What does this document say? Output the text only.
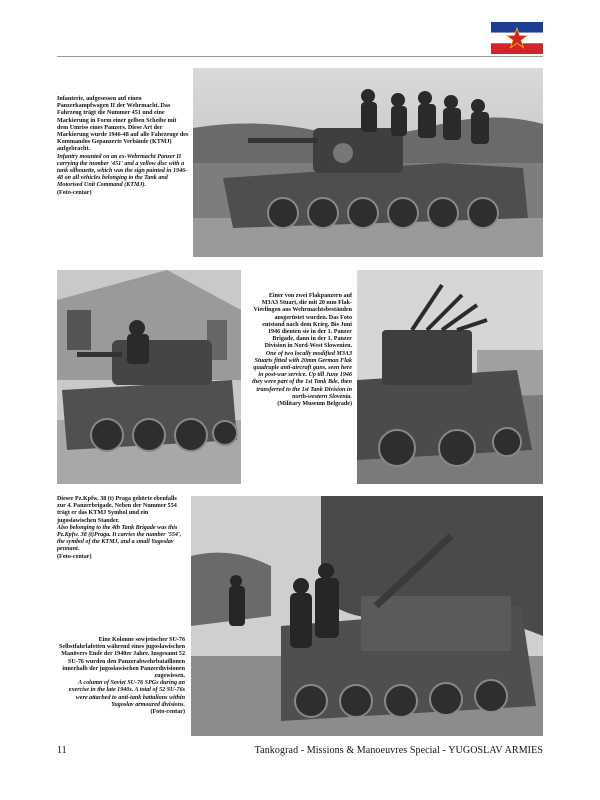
Infanterie, aufgesessen auf einen Panzerkampfwagen II der Wehrmacht. Das Fahrzeug trägt die Nummer 451 und eine Markierung in Form einer gelben Scheibe mit dem Umriss eines Panzers. Diese Art der Markierung wurde 1946-48 auf alle Fahrzeuge des Kommandos Gepanzerte Verbände (KTMJ) aufgebracht.
Infantry mounted on an ex-Wehrmacht Panzer II carrying the number '451' and a yellow disc with a tank silhouette, which was the sign painted in 1946-48 on all vehicles belonging to the Tank and Motorised Unit Command (KTMJ).
(Foto-centar)
Einer von zwei Flakpanzern auf M3A3 Stuart, die mit 20 mm Flak-Vierlingen aus Wehrmachtsbeständen ausgerüstet wurden. Das Foto entstand nach dem Krieg. Bis Juni 1946 dienten sie in der 1. Panzer Brigade, dann in der 1. Panzer Division in Nord-West Slowenien.
One of two locally modified M3A3 Stuarts fitted with 20mm German Flak quadruple anti-aircraft guns, seen here in post-war service. Up till June 1946 they were part of the 1st Tank Bde, then transferred to the 1st Tank Division in north-western Slovenia.
(Military Museum Belgrade)
Dieser Pz.Kpfw. 38 (t) Praga gehörte ebenfalls zur 4. Panzerbrigade. Neben der Nummer 554 trägt er das KTMJ Symbol und ein jugoslawischen Stander.
Also belonging to the 4th Tank Brigade was this Pz.Kpfw. 38 (t)Praga. It carries the number '554', the symbol of the KTMJ, and a small Yugoslav pennant.
(Foto-centar)
Eine Kolonne sowjetischer SU-76 Selbstfahrlafetten während eines jugoslawischen Manövers Ende der 1940er Jahre. Insgesamt 52 SU-76 wurden den Panzerabwehrbataillonen innerhalb der jugoslawischen Panzerdivisionen zugewiesen.
A column of Soviet SU-76 SPGs during an exercise in the late 1940s. A total of 52 SU-76s were attached to anti-tank battalions within Yugoslav armoured divisions.
(Foto-centar)
11	Tankograd - Missions & Manoeuvres Special - YUGOSLAV ARMIES
